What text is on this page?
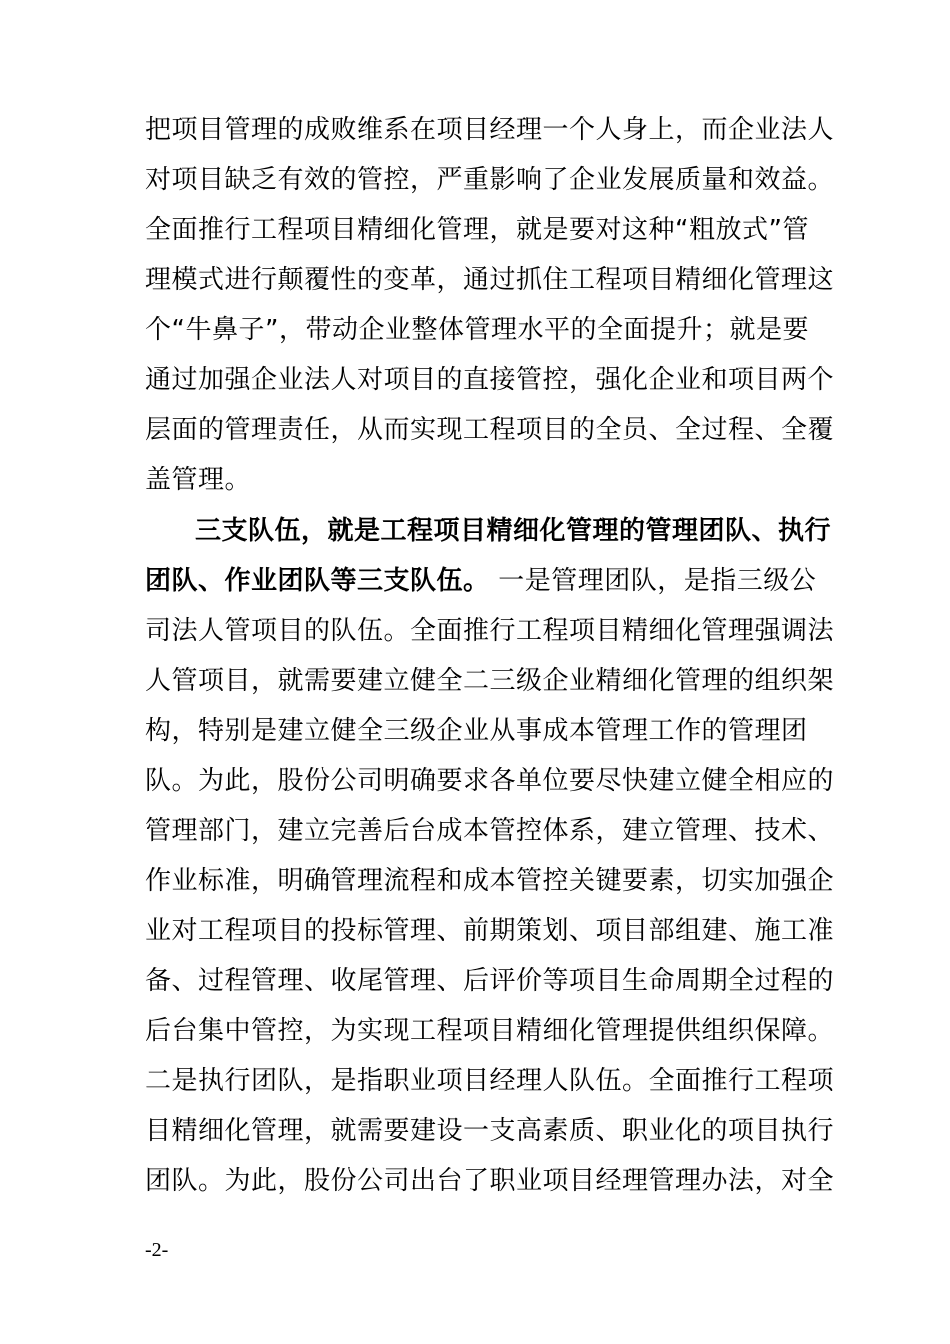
把项目管理的成败维系在项目经理一个人身上，而企业法人
对项目缺乏有效的管控，严重影响了企业发展质量和效益。
全面推行工程项目精细化管理，就是要对这种“粗放式”管
理模式进行颠覆性的变革，通过抓住工程项目精细化管理这
个“牛鼻子”，带动企业整体管理水平的全面提升；就是要
通过加强企业法人对项目的直接管控，强化企业和项目两个
层面的管理责任，从而实现工程项目的全员、全过程、全覆
盖管理。
三支队伍，就是工程项目精细化管理的管理团队、执行
团队、作业团队等三支队伍。 一是管理团队，是指三级公
司法人管项目的队伍。全面推行工程项目精细化管理强调法
人管项目，就需要建立健全二三级企业精细化管理的组织架
构，特别是建立健全三级企业从事成本管理工作的管理团
队。为此，股份公司明确要求各单位要尽快建立健全相应的
管理部门，建立完善后台成本管控体系，建立管理、技术、
作业标准，明确管理流程和成本管控关键要素，切实加强企
业对工程项目的投标管理、前期策划、项目部组建、施工准
备、过程管理、收尾管理、后评价等项目生命周期全过程的
后台集中管控，为实现工程项目精细化管理提供组织保障。
二是执行团队，是指职业项目经理人队伍。全面推行工程项
目精细化管理，就需要建设一支高素质、职业化的项目执行
团队。为此，股份公司出台了职业项目经理管理办法，对全
-2-
